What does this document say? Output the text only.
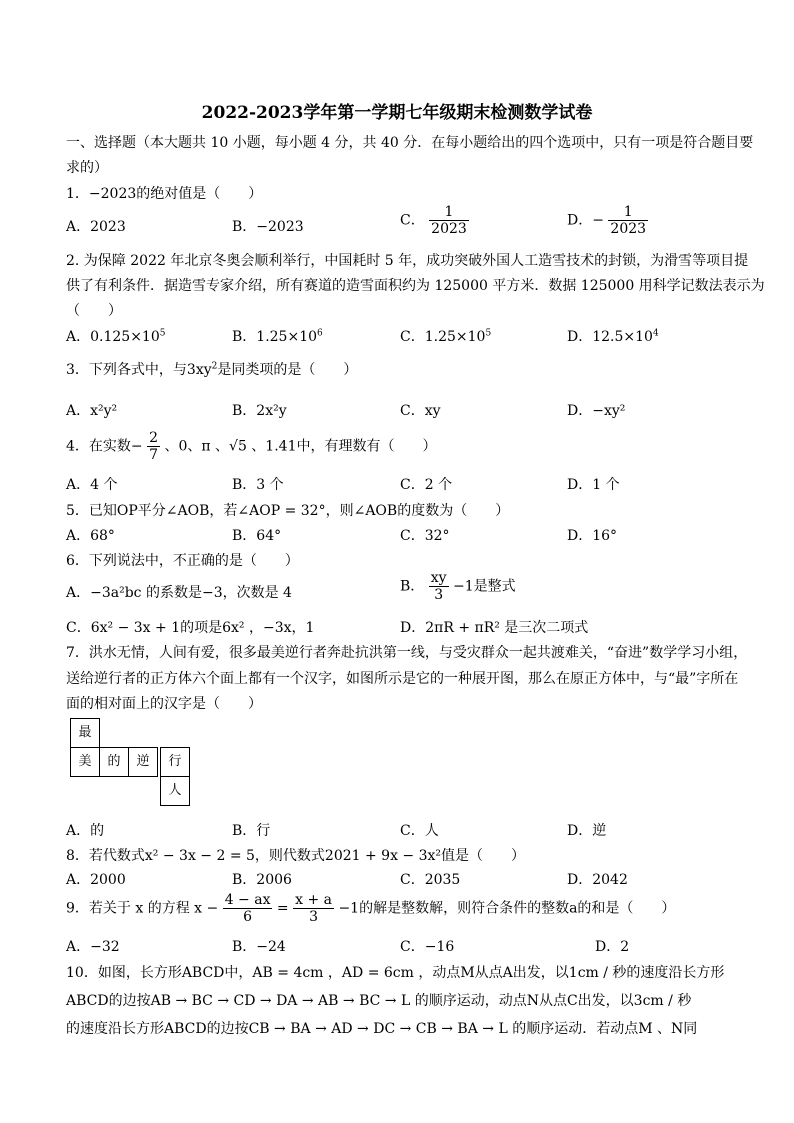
2022-2023学年第一学期七年级期末检测数学试卷
一、选择题（本大题共 10 小题，每小题 4 分，共 40 分．在每小题给出的四个选项中，只有一项是符合题目要
求的）
1．−2023的绝对值是（　　）
A．2023	B．−2023	C． $\frac{1}{2023}$	D．− $\frac{1}{2023}$
2. 为保障 2022 年北京冬奥会顺利举行，中国耗时 5 年，成功突破外国人工造雪技术的封锁，为滑雪等项目提
供了有利条件．据造雪专家介绍，所有赛道的造雪面积约为 125000 平方米．数据 125000 用科学记数法表示为
（　　）
A．$0.125\times 10^5$	B．$1.25\times 10^6$	C．$1.25\times 10^5$	D．$12.5\times 10^4$
3．下列各式中，与$3xy^2$是同类项的是（　　）
A．x²y²	B．2x²y	C．xy	D．−xy²
4．在实数− $\frac{2}{7}$ 、0、π 、√5 、1.41中，有理数有（　　）
A．4 个	B．3 个	C．2 个	D．1 个
5．已知OP平分∠AOB，若∠AOP = 32°，则∠AOB的度数为（　　）
A．68°	B．64°	C．32°	D．16°
6．下列说法中，不正确的是（　　）
A．−3a²bc 的系数是−3，次数是 4	B． $\frac{xy}{3} -1$是整式
C．6x² − 3x + 1的项是6x² ，−3x，1	D．2πR + πR² 是三次二项式
7．洪水无情，人间有爱，很多最美逆行者奔赴抗洪第一线，与受灾群众一起共渡难关，“奋进”数学学习小组，
送给逆行者的正方体六个面上都有一个汉字，如图所示是它的一种展开图，那么在原正方体中，与“最”字所在
面的相对面上的汉字是（　　）
最
美	的	逆	行
人
A．的	B．行	C．人	D．逆
8．若代数式x² − 3x − 2 = 5，则代数式2021 + 9x − 3x²值是（　　）
A．2000	B．2006	C．2035	D．2042
9．若关于 x 的方程 $x - \frac{4 - ax}{6} = \frac{x + a}{3} -1$的解是整数解，则符合条件的整数a的和是（　　）
A．−32	B．−24	C．−16	D．2
10．如图，长方形ABCD中，AB = 4cm ，AD = 6cm ，动点M从点A出发，以1cm / 秒的速度沿长方形
ABCD的边按AB → BC → CD → DA → AB → BC → L 的顺序运动，动点N从点C出发，以3cm / 秒
的速度沿长方形ABCD的边按CB → BA → AD → DC → CB → BA → L 的顺序运动．若动点M 、N同
